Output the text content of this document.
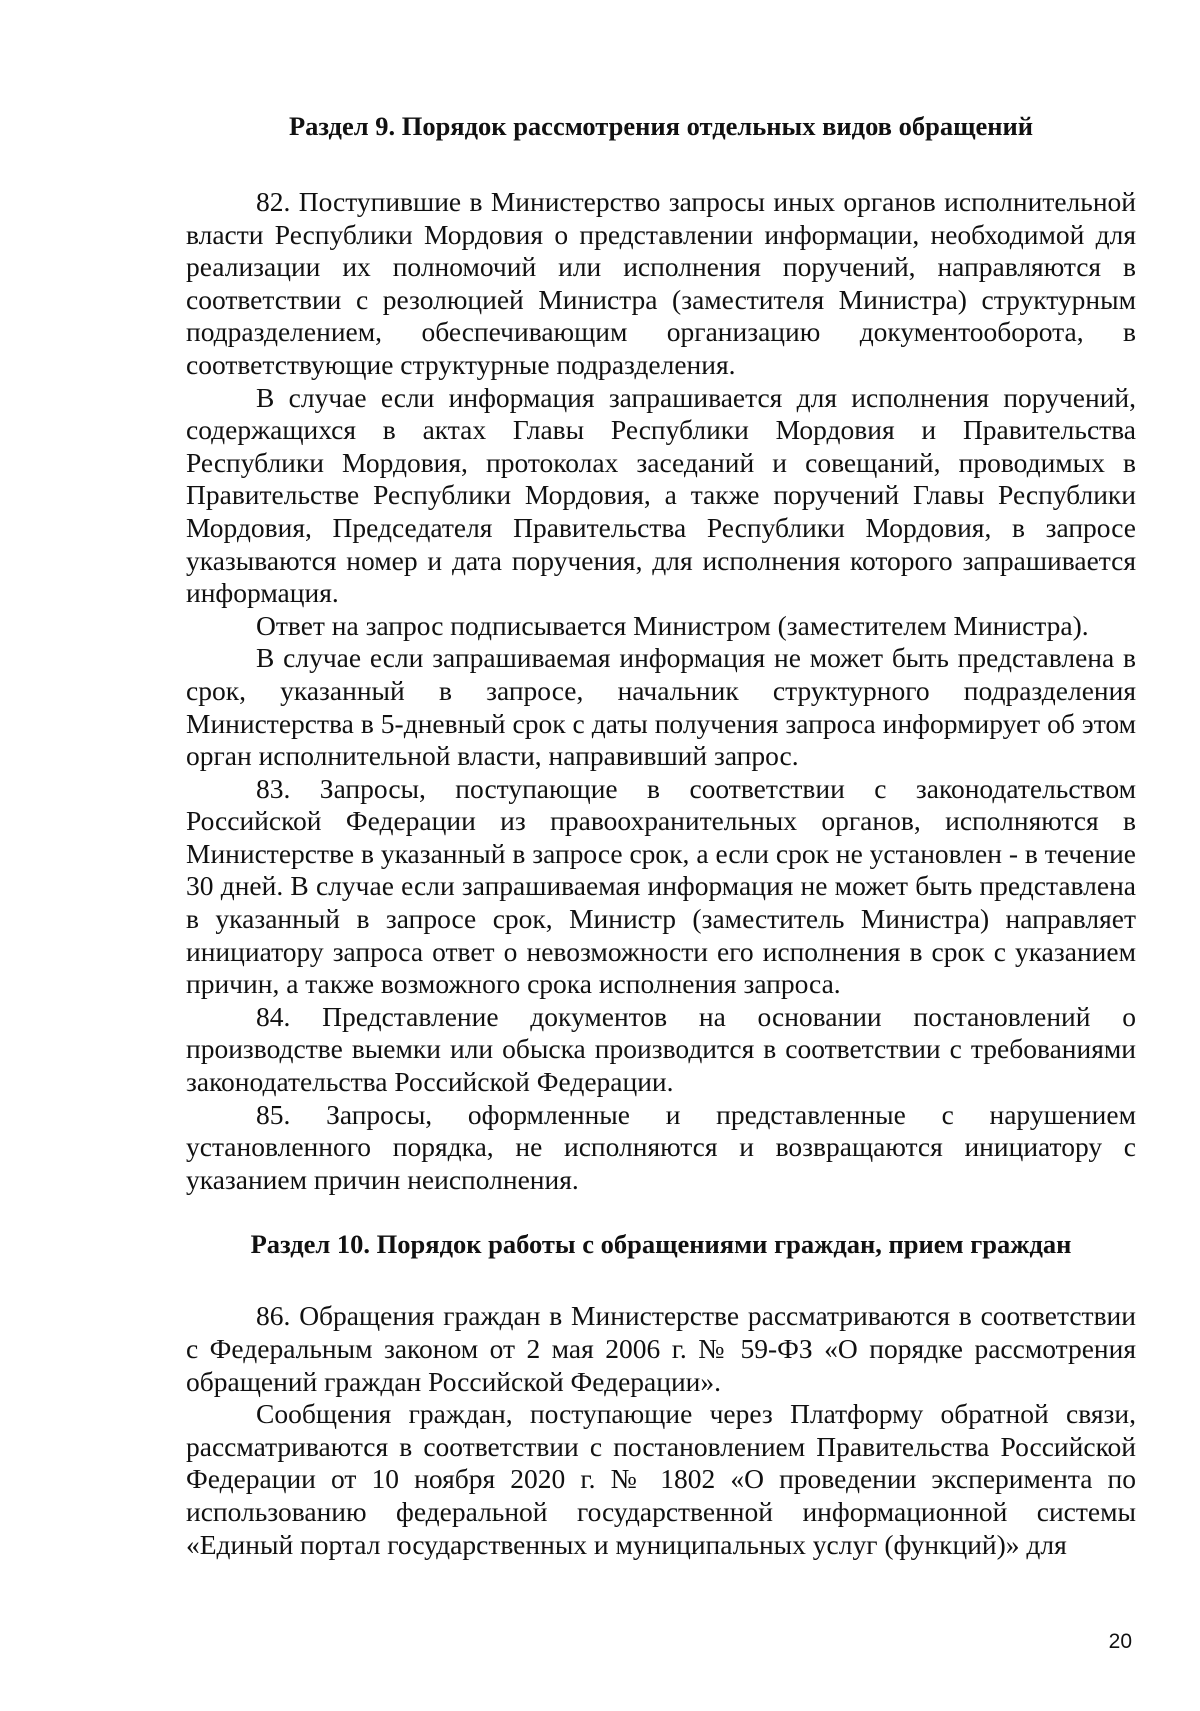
Раздел 9. Порядок рассмотрения отдельных видов обращений

82. Поступившие в Министерство запросы иных органов исполнительной власти Республики Мордовия о представлении информации, необходимой для реализации их полномочий или исполнения поручений, направляются в соответствии с резолюцией Министра (заместителя Министра) структурным подразделением, обеспечивающим организацию документооборота, в соответствующие структурные подразделения.

В случае если информация запрашивается для исполнения поручений, содержащихся в актах Главы Республики Мордовия и Правительства Республики Мордовия, протоколах заседаний и совещаний, проводимых в Правительстве Республики Мордовия, а также поручений Главы Республики Мордовия, Председателя Правительства Республики Мордовия, в запросе указываются номер и дата поручения, для исполнения которого запрашивается информация.

Ответ на запрос подписывается Министром (заместителем Министра).

В случае если запрашиваемая информация не может быть представлена в срок, указанный в запросе, начальник структурного подразделения Министерства в 5-дневный срок с даты получения запроса информирует об этом орган исполнительной власти, направивший запрос.

83. Запросы, поступающие в соответствии с законодательством Российской Федерации из правоохранительных органов, исполняются в Министерстве в указанный в запросе срок, а если срок не установлен - в течение 30 дней. В случае если запрашиваемая информация не может быть представлена в указанный в запросе срок, Министр (заместитель Министра) направляет инициатору запроса ответ о невозможности его исполнения в срок с указанием причин, а также возможного срока исполнения запроса.

84. Представление документов на основании постановлений о производстве выемки или обыска производится в соответствии с требованиями законодательства Российской Федерации.

85. Запросы, оформленные и представленные с нарушением установленного порядка, не исполняются и возвращаются инициатору с указанием причин неисполнения.

Раздел 10. Порядок работы с обращениями граждан, прием граждан

86. Обращения граждан в Министерстве рассматриваются в соответствии с Федеральным законом от 2 мая 2006 г. № 59-ФЗ «О порядке рассмотрения обращений граждан Российской Федерации».

Сообщения граждан, поступающие через Платформу обратной связи, рассматриваются в соответствии с постановлением Правительства Российской Федерации от 10 ноября 2020 г. № 1802 «О проведении эксперимента по использованию федеральной государственной информационной системы «Единый портал государственных и муниципальных услуг (функций)» для

20
